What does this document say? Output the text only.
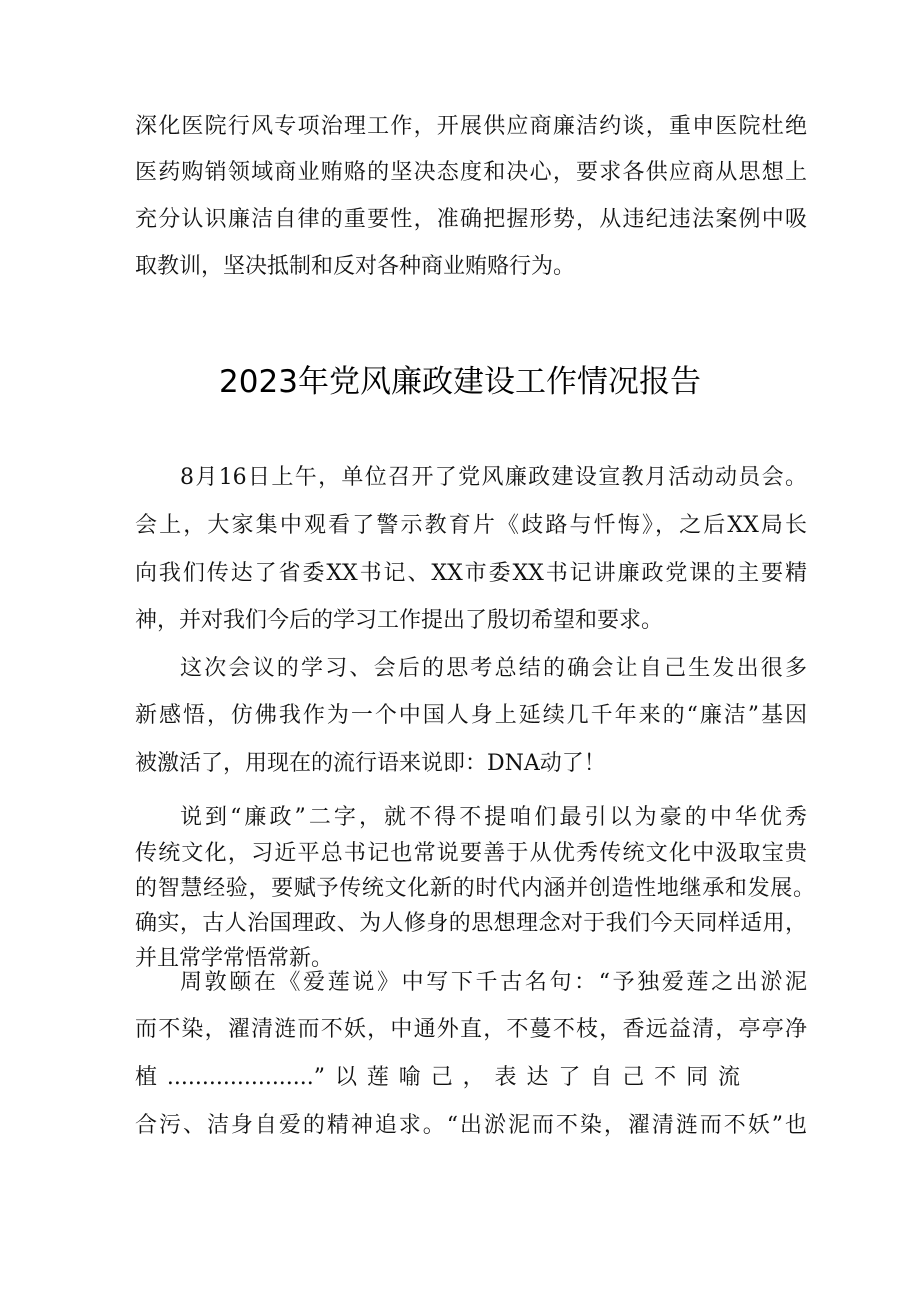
深化医院行风专项治理工作，开展供应商廉洁约谈，重申医院杜绝
医药购销领域商业贿赂的坚决态度和决心，要求各供应商从思想上
充分认识廉洁自律的重要性，准确把握形势，从违纪违法案例中吸
取教训，坚决抵制和反对各种商业贿赂行为。
2023年党风廉政建设工作情况报告
8月16日上午，单位召开了党风廉政建设宣教月活动动员会。
会上，大家集中观看了警示教育片《歧路与忏悔》，之后XX局长
向我们传达了省委XX书记、XX市委XX书记讲廉政党课的主要精
神，并对我们今后的学习工作提出了殷切希望和要求。
这次会议的学习、会后的思考总结的确会让自己生发出很多
新感悟，仿佛我作为一个中国人身上延续几千年来的“廉洁”基因
被激活了，用现在的流行语来说即：DNA动了！
说到“廉政”二字，就不得不提咱们最引以为豪的中华优秀
传统文化，习近平总书记也常说要善于从优秀传统文化中汲取宝贵
的智慧经验，要赋予传统文化新的时代内涵并创造性地继承和发展。
确实，古人治国理政、为人修身的思想理念对于我们今天同样适用，
并且常学常悟常新。
周敦颐在《爱莲说》中写下千古名句：“予独爱莲之出淤泥
而不染，濯清涟而不妖，中通外直，不蔓不枝，香远益清，亭亭净
植.....................”以莲喻己，表达了自己不同流
合污、洁身自爱的精神追求。“出淤泥而不染，濯清涟而不妖”也
